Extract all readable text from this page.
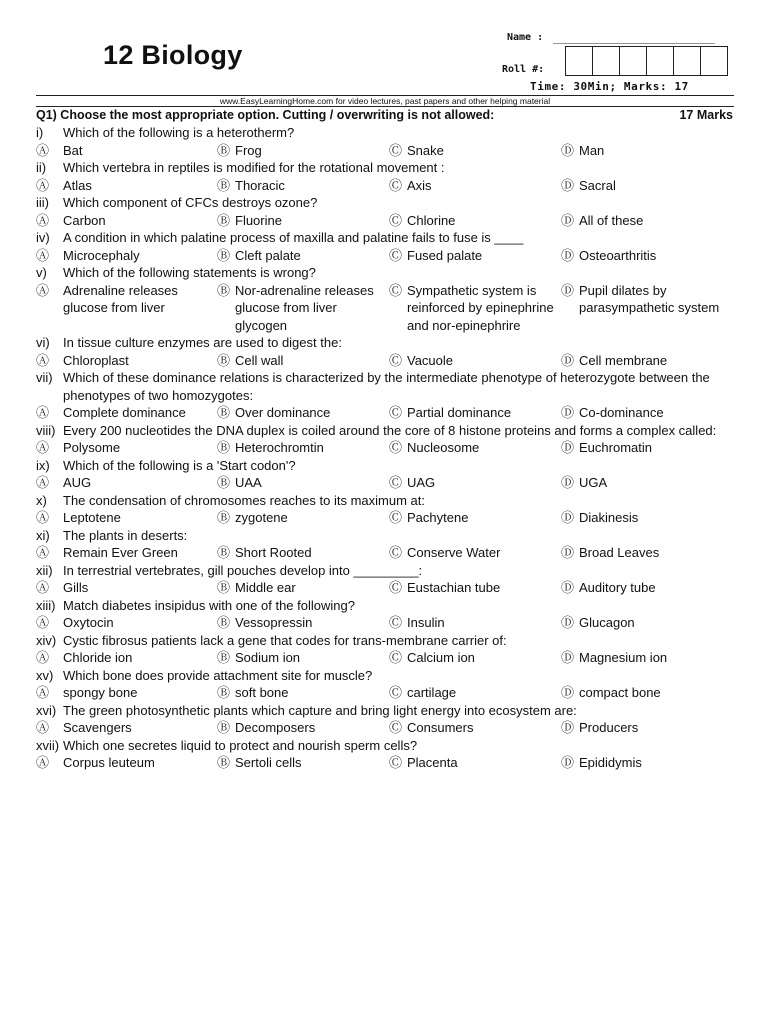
12 Biology
Name : ________________________
Roll #:
Time: 30Min; Marks: 17
www.EasyLearningHome.com for video lectures, past papers and other helping material
Q1) Choose the most appropriate option. Cutting / overwriting is not allowed:	17 Marks
i)	Which of the following is a heterotherm?
Ⓐ	Bat	Ⓑ Frog	Ⓒ Snake	Ⓓ Man
ii)	Which vertebra in reptiles is modified for the rotational movement :
Ⓐ	Atlas	Ⓑ Thoracic	Ⓒ Axis	Ⓓ Sacral
iii)	Which component of CFCs destroys ozone?
Ⓐ	Carbon	Ⓑ Fluorine	Ⓒ Chlorine	Ⓓ All of these
iv)	A condition in which palatine process of maxilla and palatine fails to fuse is ____
Ⓐ	Microcephaly	Ⓑ Cleft palate	Ⓒ Fused palate	Ⓓ Osteoarthritis
v)	Which of the following statements is wrong?
Ⓐ	Adrenaline releases glucose from liver
Ⓑ Nor-adrenaline releases glucose from liver glycogen
Ⓒ Sympathetic system is reinforced by epinephrine and nor-epinephrire
Ⓓ Pupil dilates by parasympathetic system
vi)	In tissue culture enzymes are used to digest the:
Ⓐ	Chloroplast	Ⓑ Cell wall	Ⓒ Vacuole	Ⓓ Cell membrane
vii) Which of these dominance relations is characterized by the intermediate phenotype of heterozygote between the phenotypes of two homozygotes:
Ⓐ	Complete dominance	Ⓑ Over dominance	Ⓒ Partial dominance	Ⓓ Co-dominance
viii) Every 200 nucleotides the DNA duplex is coiled around the core of 8 histone proteins and forms a complex called:
Ⓐ	Polysome	Ⓑ Heterochromtin	Ⓒ Nucleosome	Ⓓ Euchromatin
ix)	Which of the following is a 'Start codon'?
Ⓐ	AUG	Ⓑ UAA	Ⓒ UAG	Ⓓ UGA
x)	The condensation of chromosomes reaches to its maximum at:
Ⓐ	Leptotene	Ⓑ zygotene	Ⓒ Pachytene	Ⓓ Diakinesis
xi)	The plants in deserts:
Ⓐ	Remain Ever Green	Ⓑ Short Rooted	Ⓒ Conserve Water	Ⓓ Broad Leaves
xii) In terrestrial vertebrates, gill pouches develop into _________:
Ⓐ	Gills	Ⓑ Middle ear	Ⓒ Eustachian tube	Ⓓ Auditory tube
xiii) Match diabetes insipidus with one of the following?
Ⓐ	Oxytocin	Ⓑ Vessopressin	Ⓒ Insulin	Ⓓ Glucagon
xiv) Cystic fibrosus patients lack a gene that codes for trans-membrane carrier of:
Ⓐ	Chloride ion	Ⓑ Sodium ion	Ⓒ Calcium ion	Ⓓ Magnesium ion
xv) Which bone does provide attachment site for muscle?
Ⓐ	spongy bone	Ⓑ soft bone	Ⓒ cartilage	Ⓓ compact bone
xvi) The green photosynthetic plants which capture and bring light energy into ecosystem are:
Ⓐ	Scavengers	Ⓑ Decomposers	Ⓒ Consumers	Ⓓ Producers
xvii) Which one secretes liquid to protect and nourish sperm cells?
Ⓐ	Corpus leuteum	Ⓑ Sertoli cells	Ⓒ Placenta	Ⓓ Epididymis
